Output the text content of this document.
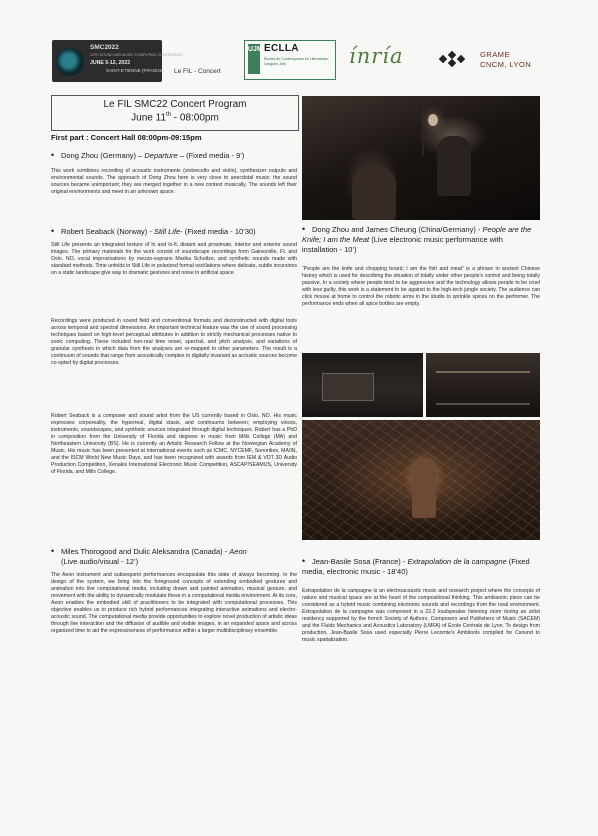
SMC2022
19TH SOUND AND MUSIC COMPUTING CONFERENCE
JUNE 5-12, 2022
SAINT-ETIENNE (FRANCE) Le FIL - Concert
UJM ECLLA
Études du Contemporain en Littératures, Langues, Arts	ínría	GRAME
CNCM, LYON
Le FIL SMC22 Concert Program
June 11th - 08:00pm
First part : Concert Hall 08:00pm-09:15pm
• Dong Zhou (Germany) – Departure – (Fixed media - 9’)

This work combines recording of acoustic instruments (violoncello and violin), synthesizer outputs and environmental sounds. The approach of Dong Zhou here is very close to anecdotal music: the sound sources became unimportant; they are merged together in a new context musically. The sounds left their original environments and meet in an unknown space.

• Robert Seaback (Norway) - Still Life- (Fixed media - 10’30)

Still Life presents an integrated texture of hi and lo-fi, distant and proximate, interior and exterior sound images. The primary materials for the work consist of soundscape recordings from Gainesville, FL and Oslo, NO, vocal improvisations by mezzo-soprano Marika Schultze, and synthetic sounds made with standard methods. Time unfolds in Still Life in polarized formal oscillations where delicate, subtle incursions on a static landscape give way to dramatic gestures and noise in artificial space.

Recordings were produced in sound field and conventional formats and deconstructed with digital tools across temporal and spectral dimensions. An important technical feature was the use of sound processing techniques based on high-level perceptual attributes in addition to strictly mechanical processes native to sonic computing. These included non-real time onset, spectral, and pitch analysis, and variations of granular synthesis in which data from the analyses are re-mapped to other parameters. The result is a continuum of sounds that range from acoustically complex to digitally invariant as acoustic sources become co-opted by digital processes.

Robert Seaback is a composer and sound artist from the US currently based in Oslo, NO. His music expresses corporeality, the hyperreal, digital stasis, and continuums between; employing voices, instruments, soundscapes, and synthetic sources integrated through digital techniques. Robert has a PhD in composition from the University of Florida and degrees in music from Mills College (MA) and Northeastern University (BS). He is currently an Artistic Research Fellow at the Norwegian Academy of Music. His music has been presented at international events such as ICMC, NYCEMF, Sonorities, MA/IN, and the ISCM World New Music Days, and has been recognized with awards from IEM & VDT 3D Audio Production Competition, Xenakis International Electronic Music Competition, ASCAP/SEAMUS, University of Florida, and Mills College.

• Miles Thorogood and Dulic Aleksandra (Canada) - Aeon
(Live audio/visual - 12’)

The Aeon instrument and subsequent performances encapsulate this state of always becoming. In the design of the system, we bring into the foreground concepts of extending embodied gestures and animation into live computational media, including drawn and painted animation, musical gesture, and movement with the ability to dynamically modulate these in a computational media environment. At its core, Aeon enables the embodied skill of practitioners to be integrated with computational processes. This objective enables us to produce rich hybrid performances integrating interactive animations and electro-acoustic sound. The computational media provide opportunities to explore novel production of artistic ideas through live interaction and the diffusion of audible and visible images, in an expanded space and across organized time to aid the expressiveness of performance within a larger multidisciplinary ensemble.

• Dong Zhou and James Cheung (China/Germany) - People are the Knife; I am the Meat (Live electronic music performance with installation - 10’)

“People are the knife and chopping board; I am the fish and meat” is a phrase in ancient Chinese history which is used for describing the situation of totally under other people’s control and being totally passive. In a society where people tend to be aggressive and the technology allows people to be cruel with less guilty, this work is a statement to be against to the high-tech jungle society. The audience can click mouse at home to control the robotic arms in the studio to sprinkle spices on the performer. The performance ends when all spice bottles are empty.

• Jean-Basile Sosa (France) - Extrapolation de la campagne (Fixed media, electronic music - 18’40)

Extrapolation de la campagne is an electroacoustic music and research project where the concepts of nature and musical space are at the heart of the compositional thinking. This ambisonic piece can be considered as a hybrid music combining electronic sounds and recordings from the rural environment. Extrapolation de la campagne was composed in a 22.2 loudspeaker listening room during an artist residency supported by the french Society of Authors, Composers and Publishers of Music (SACEM) and the Fluids Mechanics and Acoustics Laboratory (LMFA) of École Centrale de Lyon. To design from production, Jean-Basile Sosa used especially Pierre Lecomte’s Ambitools compiled for Csound to music spatialization.
